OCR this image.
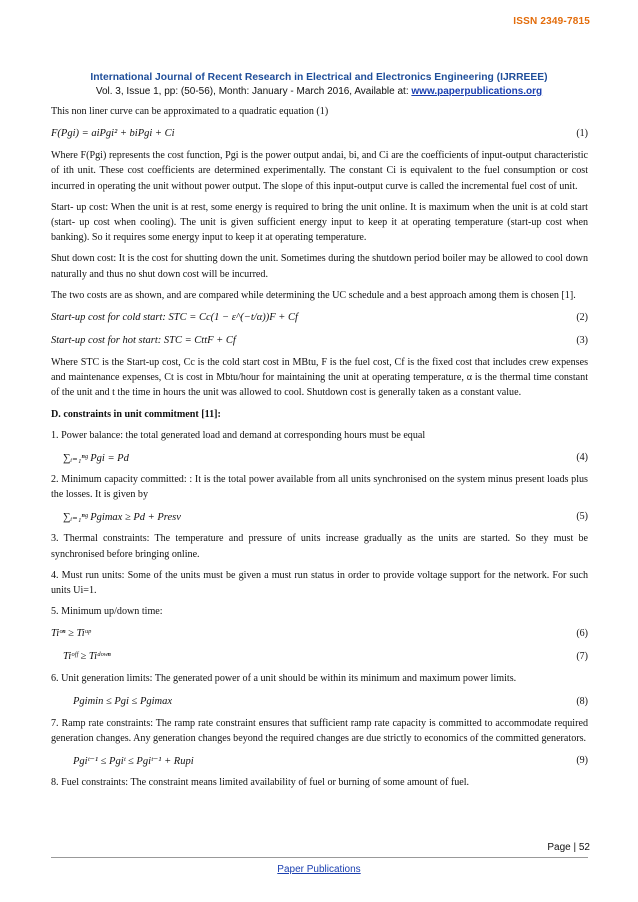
ISSN 2349-7815
International Journal of Recent Research in Electrical and Electronics Engineering (IJRREEE)
Vol. 3, Issue 1, pp: (50-56), Month: January - March 2016, Available at: www.paperpublications.org

This non liner curve can be approximated to a quadratic equation (1)

F(Pgi) = aiPgi² + biPgi + Ci	(1)

Where F(Pgi) represents the cost function, Pgi is the power output andai, bi, and Ci are the coefficients of input-output characteristic of ith unit. These cost coefficients are determined experimentally. The constant Ci is equivalent to the fuel consumption or cost incurred in operating the unit without power output. The slope of this input-output curve is called the incremental fuel cost of unit.

Start- up cost: When the unit is at rest, some energy is required to bring the unit online. It is maximum when the unit is at cold start (start- up cost when cooling). The unit is given sufficient energy input to keep it at operating temperature (start-up cost when banking). So it requires some energy input to keep it at operating temperature.

Shut down cost: It is the cost for shutting down the unit. Sometimes during the shutdown period boiler may be allowed to cool down naturally and thus no shut down cost will be incurred.

The two costs are as shown, and are compared while determining the UC schedule and a best approach among them is chosen [1].

Start-up cost for cold start: STC = Cc(1 − ε^(−t/α))F + Cf	(2)
Start-up cost for hot start: STC = CttF + Cf	(3)

Where STC is the Start-up cost, Cc is the cold start cost in MBtu, F is the fuel cost, Cf is the fixed cost that includes crew expenses and maintenance expenses, Ct is cost in Mbtu/hour for maintaining the unit at operating temperature, α is the thermal time constant of the unit and t the time in hours the unit was allowed to cool. Shutdown cost is generally taken as a constant value.

D. constraints in unit commitment [11]:

1. Power balance: the total generated load and demand at corresponding hours must be equal

∑ᵢ₌₁ⁿᵍ Pgi = Pd	(4)

2. Minimum capacity committed: : It is the total power available from all units synchronised on the system minus present loads plus the losses. It is given by

∑ᵢ₌₁ⁿᵍ Pgimax ≥ Pd + Presv	(5)

3. Thermal constraints: The temperature and pressure of units increase gradually as the units are started. So they must be synchronised before bringing online.

4. Must run units: Some of the units must be given a must run status in order to provide voltage support for the network. For such units Ui=1.

5. Minimum up/down time:

Tiᵒⁿ ≥ Tiᵘᵖ	(6)
Tiᵒᶠᶠ ≥ Tiᵈᵒʷⁿ	(7)

6. Unit generation limits: The generated power of a unit should be within its minimum and maximum power limits.

Pgimin ≤ Pgi ≤ Pgimax	(8)

7. Ramp rate constraints: The ramp rate constraint ensures that sufficient ramp rate capacity is committed to accommodate required generation changes. Any generation changes beyond the required changes are due strictly to economics of the committed generators.

Pgiᵗ⁻¹ ≤ Pgiᵗ ≤ Pgiᵗ⁻¹ + Rupi	(9)

8. Fuel constraints: The constraint means limited availability of fuel or burning of some amount of fuel.

Page | 52
Paper Publications
